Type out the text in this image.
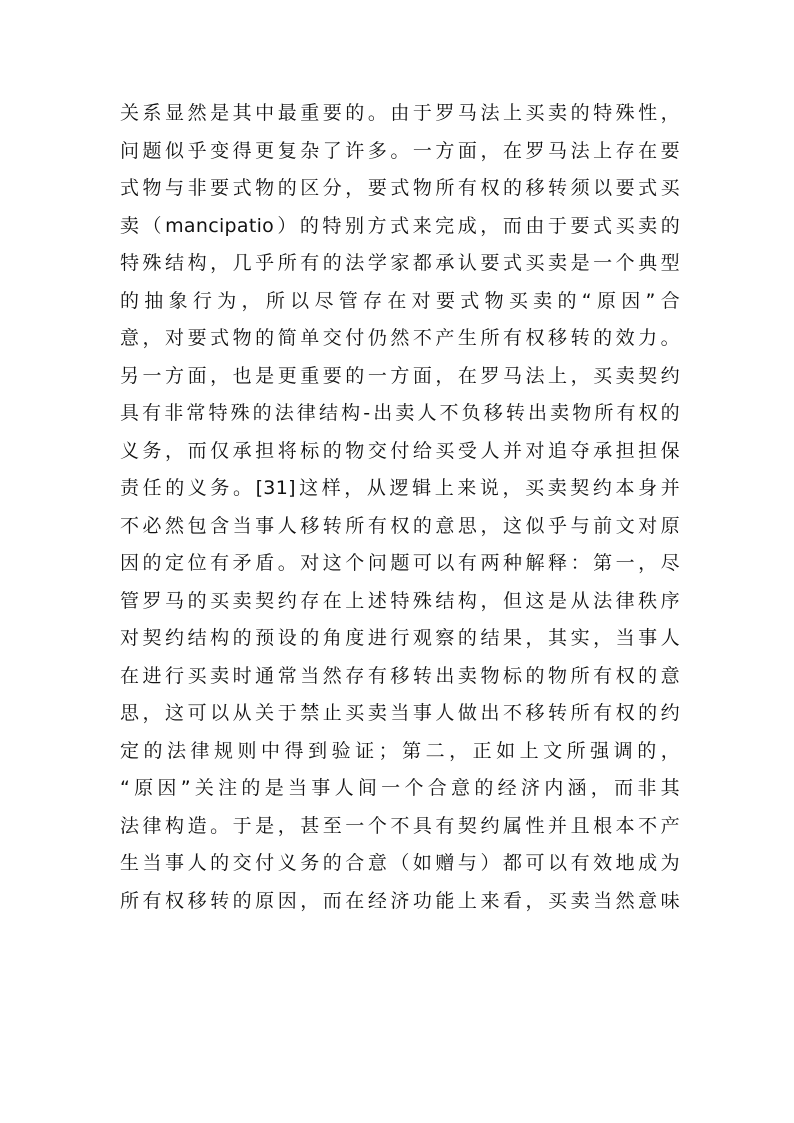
关系显然是其中最重要的。由于罗马法上买卖的特殊性，
问题似乎变得更复杂了许多。一方面，在罗马法上存在要
式物与非要式物的区分，要式物所有权的移转须以要式买
卖（mancipatio）的特别方式来完成，而由于要式买卖的
特殊结构，几乎所有的法学家都承认要式买卖是一个典型
的抽象行为，所以尽管存在对要式物买卖的“原因”合
意，对要式物的简单交付仍然不产生所有权移转的效力。
另一方面，也是更重要的一方面，在罗马法上，买卖契约
具有非常特殊的法律结构-出卖人不负移转出卖物所有权的
义务，而仅承担将标的物交付给买受人并对追夺承担担保
责任的义务。[31]这样，从逻辑上来说，买卖契约本身并
不必然包含当事人移转所有权的意思，这似乎与前文对原
因的定位有矛盾。对这个问题可以有两种解释：第一，尽
管罗马的买卖契约存在上述特殊结构，但这是从法律秩序
对契约结构的预设的角度进行观察的结果，其实，当事人
在进行买卖时通常当然存有移转出卖物标的物所有权的意
思，这可以从关于禁止买卖当事人做出不移转所有权的约
定的法律规则中得到验证；第二，正如上文所强调的，
“原因”关注的是当事人间一个合意的经济内涵，而非其
法律构造。于是，甚至一个不具有契约属性并且根本不产
生当事人的交付义务的合意（如赠与）都可以有效地成为
所有权移转的原因，而在经济功能上来看，买卖当然意味
